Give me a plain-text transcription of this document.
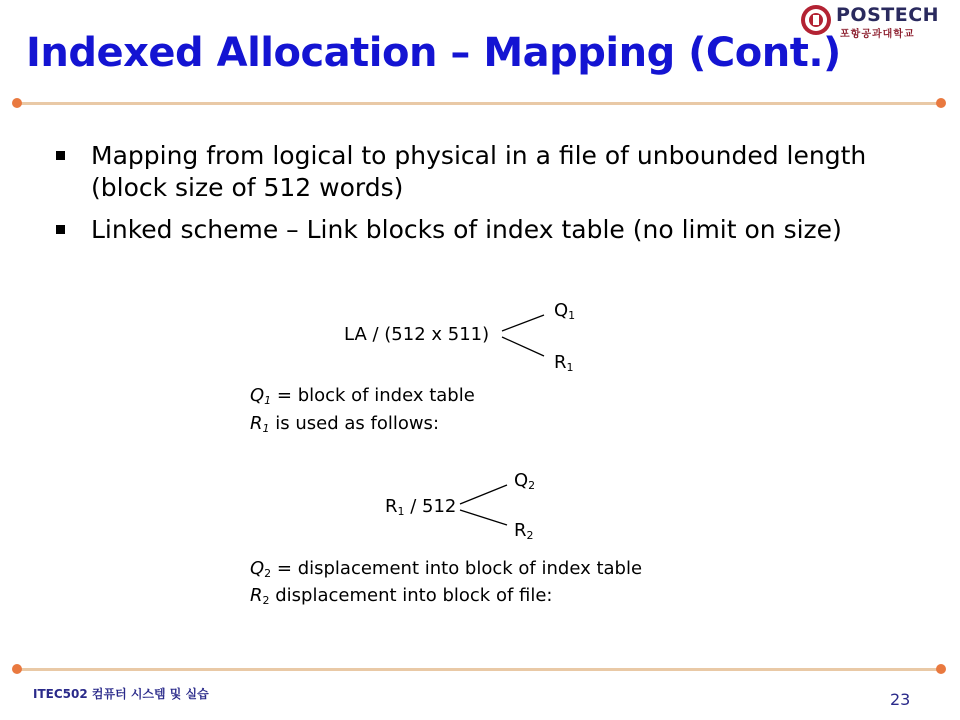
POSTECH
포항공과대학교
Indexed Allocation – Mapping (Cont.)
Mapping from logical to physical in a file of unbounded length (block size of 512 words)
Linked scheme – Link blocks of index table (no limit on size)
LA / (512 x 511)
$Q_1$
$R_1$
$Q_1$ = block of index table
$R_1$ is used as follows:
$R_1 / 512$
$Q_2$
$R_2$
$Q_2$ = displacement into block of index table
$R_2$ displacement into block of file:
ITEC502 컴퓨터 시스템 및 실습	23
